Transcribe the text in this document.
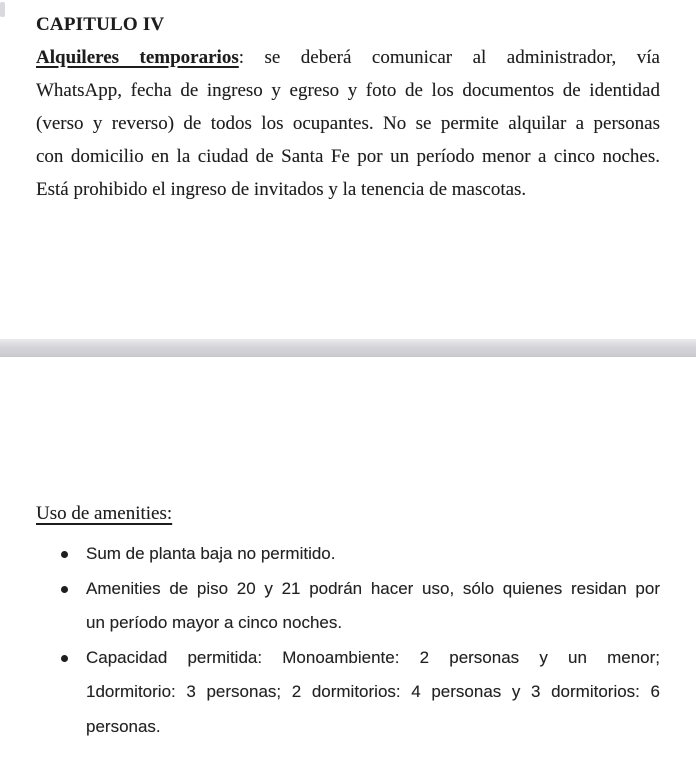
CAPITULO IV
Alquileres temporarios: se deberá comunicar al administrador, vía
WhatsApp, fecha de ingreso y egreso y foto de los documentos de identidad
(verso y reverso) de todos los ocupantes. No se permite alquilar a personas
con domicilio en la ciudad de Santa Fe por un período menor a cinco noches.
Está prohibido el ingreso de invitados y la tenencia de mascotas.
Uso de amenities:
Sum de planta baja no permitido.
Amenities de piso 20 y 21 podrán hacer uso, sólo quienes residan por
un período mayor a cinco noches.
Capacidad permitida: Monoambiente: 2 personas y un menor;
1dormitorio: 3 personas; 2 dormitorios: 4 personas y 3 dormitorios: 6
personas.
